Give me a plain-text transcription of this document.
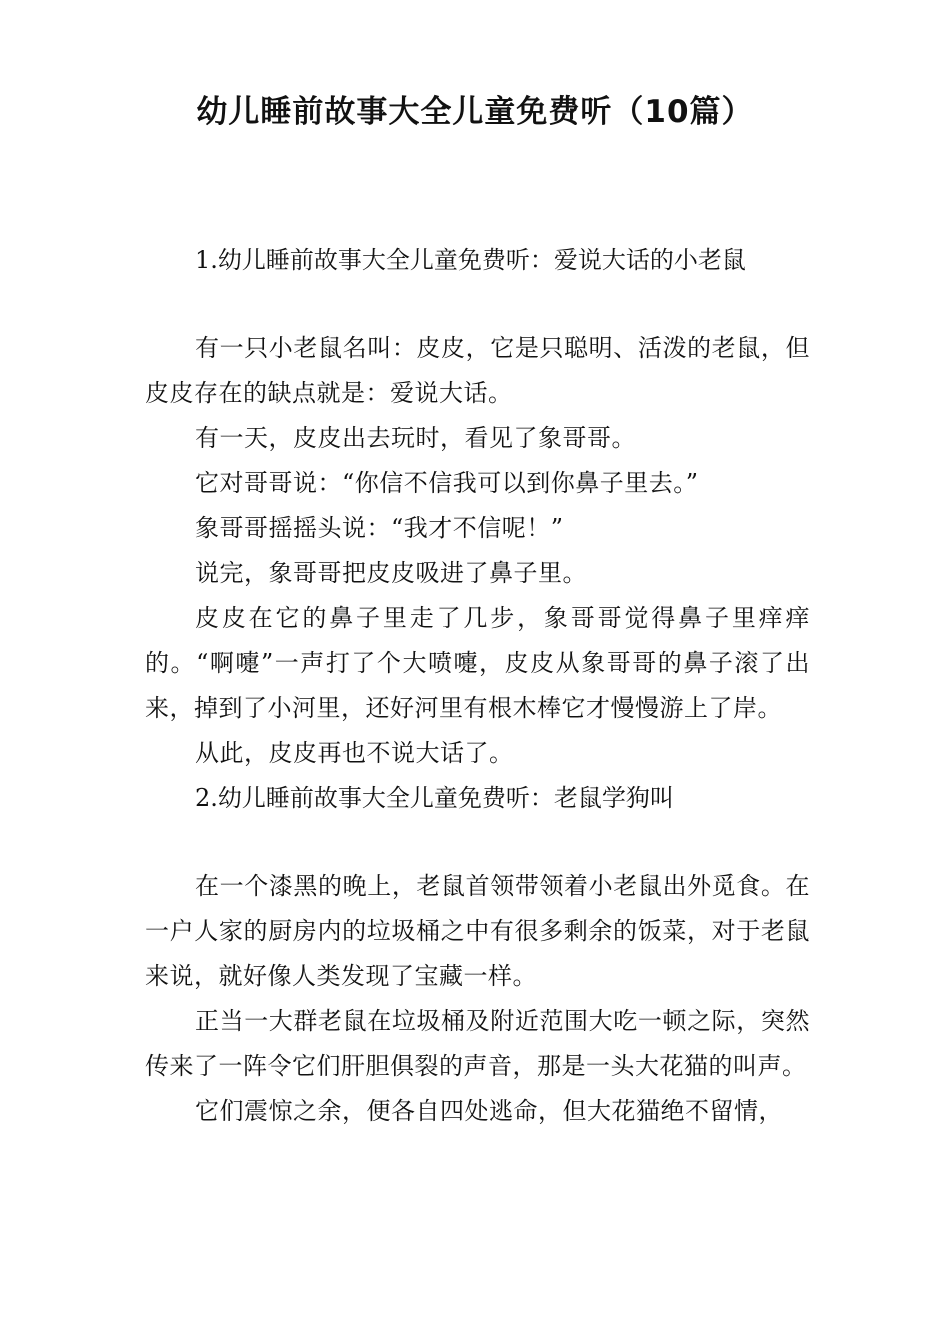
幼儿睡前故事大全儿童免费听（10篇）

1.幼儿睡前故事大全儿童免费听：爱说大话的小老鼠

有一只小老鼠名叫：皮皮，它是只聪明、活泼的老鼠，但皮皮存在的缺点就是：爱说大话。

有一天，皮皮出去玩时，看见了象哥哥。

它对哥哥说：“你信不信我可以到你鼻子里去。”

象哥哥摇摇头说：“我才不信呢！”

说完，象哥哥把皮皮吸进了鼻子里。

皮皮在它的鼻子里走了几步，象哥哥觉得鼻子里痒痒的。“啊嚏”一声打了个大喷嚏，皮皮从象哥哥的鼻子滚了出来，掉到了小河里，还好河里有根木棒它才慢慢游上了岸。

从此，皮皮再也不说大话了。

2.幼儿睡前故事大全儿童免费听：老鼠学狗叫

在一个漆黑的晚上，老鼠首领带领着小老鼠出外觅食。在一户人家的厨房内的垃圾桶之中有很多剩余的饭菜，对于老鼠来说，就好像人类发现了宝藏一样。

正当一大群老鼠在垃圾桶及附近范围大吃一顿之际，突然传来了一阵令它们肝胆俱裂的声音，那是一头大花猫的叫声。

它们震惊之余，便各自四处逃命，但大花猫绝不留情，
